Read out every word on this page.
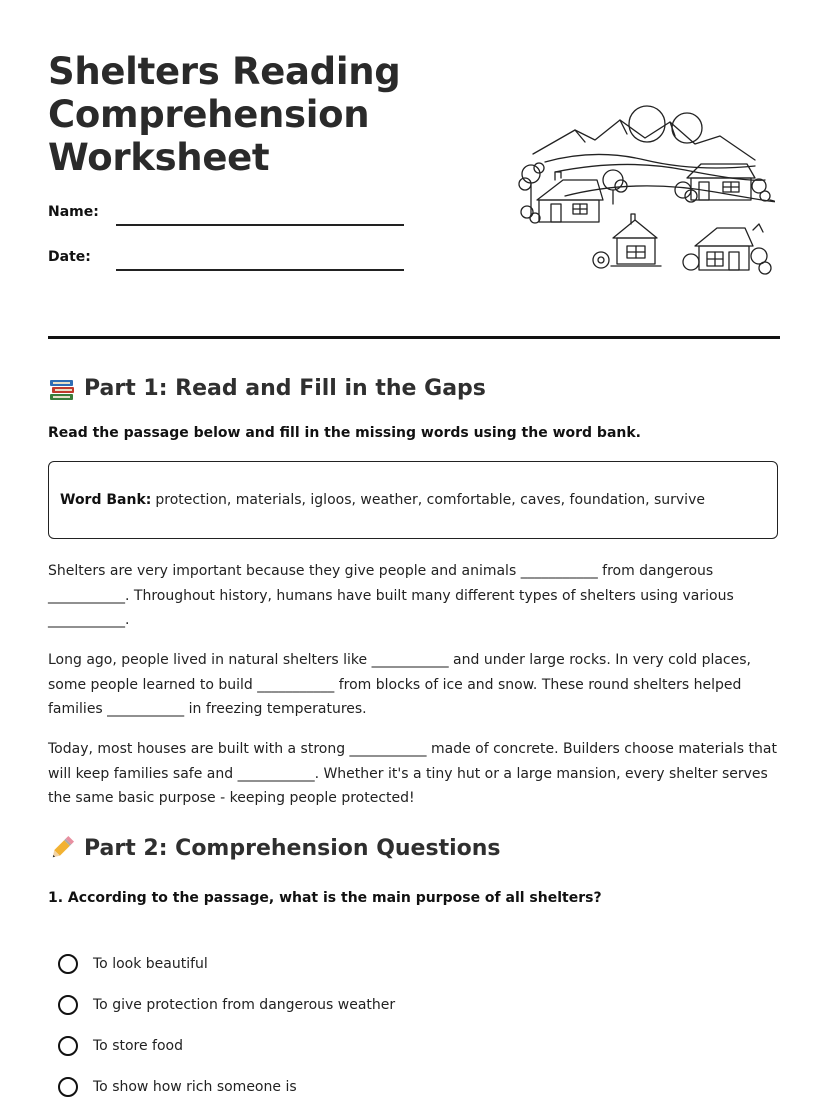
Shelters Reading
Comprehension
Worksheet
Name:
Date:
Part 1: Read and Fill in the Gaps
Read the passage below and fill in the missing words using the word bank.
Word Bank: protection, materials, igloos, weather, comfortable, caves, foundation, survive

Shelters are very important because they give people and animals ___________ from dangerous ___________. Throughout history, humans have built many different types of shelters using various ___________.

Long ago, people lived in natural shelters like ___________ and under large rocks. In very cold places, some people learned to build ___________ from blocks of ice and snow. These round shelters helped families ___________ in freezing temperatures.

Today, most houses are built with a strong ___________ made of concrete. Builders choose materials that will keep families safe and ___________. Whether it's a tiny hut or a large mansion, every shelter serves the same basic purpose - keeping people protected!

Part 2: Comprehension Questions
1. According to the passage, what is the main purpose of all shelters?
To look beautiful
To give protection from dangerous weather
To store food
To show how rich someone is
